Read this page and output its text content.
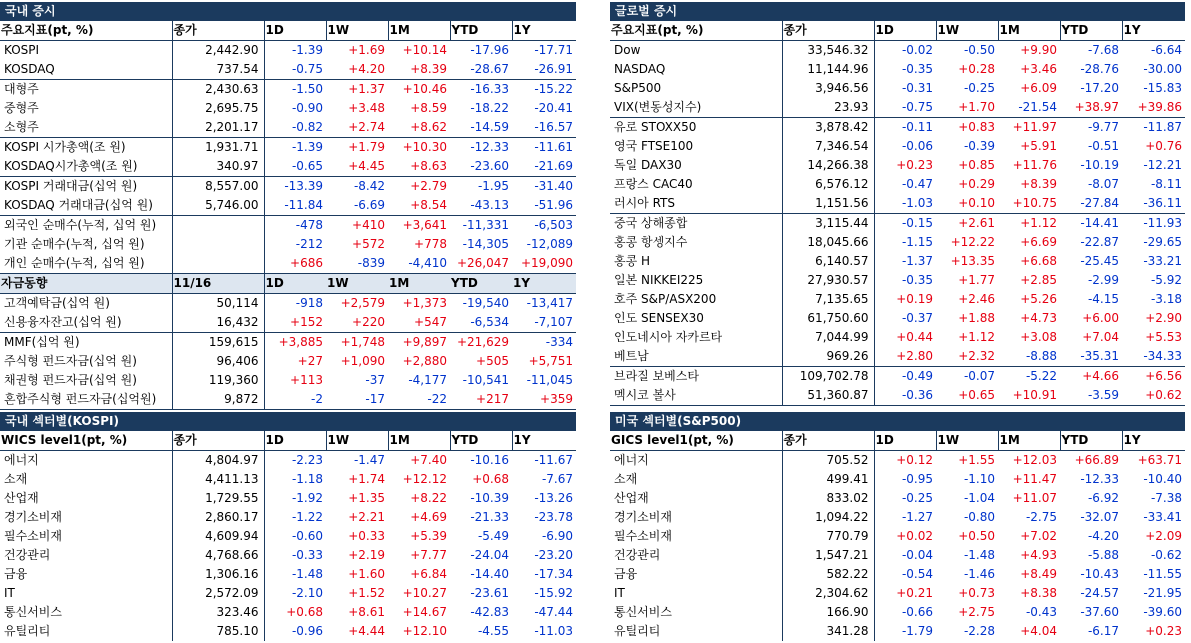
국내 증시
주요지표(pt, %)	종가	1D	1W	1M	YTD	1Y
KOSPI	2,442.90	-1.39	+1.69	+10.14	-17.96	-17.71
KOSDAQ	737.54	-0.75	+4.20	+8.39	-28.67	-26.91
대형주	2,430.63	-1.50	+1.37	+10.46	-16.33	-15.22
중형주	2,695.75	-0.90	+3.48	+8.59	-18.22	-20.41
소형주	2,201.17	-0.82	+2.74	+8.62	-14.59	-16.57
KOSPI 시가총액(조 원)	1,931.71	-1.39	+1.79	+10.30	-12.33	-11.61
KOSDAQ시가총액(조 원)	340.97	-0.65	+4.45	+8.63	-23.60	-21.69
KOSPI 거래대금(십억 원)	8,557.00	-13.39	-8.42	+2.79	-1.95	-31.40
KOSDAQ 거래대금(십억 원)	5,746.00	-11.84	-6.69	+8.54	-43.13	-51.96
외국인 순매수(누적, 십억 원)		-478	+410	+3,641	-11,331	-6,503
기관 순매수(누적, 십억 원)		-212	+572	+778	-14,305	-12,089
개인 순매수(누적, 십억 원)		+686	-839	-4,410	+26,047	+19,090
자금동향	11/16	1D	1W	1M	YTD	1Y
고객예탁금(십억 원)	50,114	-918	+2,579	+1,373	-19,540	-13,417
신용융자잔고(십억 원)	16,432	+152	+220	+547	-6,534	-7,107
MMF(십억 원)	159,615	+3,885	+1,748	+9,897	+21,629	-334
주식형 펀드자금(십억 원)	96,406	+27	+1,090	+2,880	+505	+5,751
채권형 펀드자금(십억 원)	119,360	+113	-37	-4,177	-10,541	-11,045
혼합주식형 펀드자금(십억원)	9,872	-2	-17	-22	+217	+359
글로벌 증시
주요지표(pt, %)	종가	1D	1W	1M	YTD	1Y
Dow	33,546.32	-0.02	-0.50	+9.90	-7.68	-6.64
NASDAQ	11,144.96	-0.35	+0.28	+3.46	-28.76	-30.00
S&P500	3,946.56	-0.31	-0.25	+6.09	-17.20	-15.83
VIX(변동성지수)	23.93	-0.75	+1.70	-21.54	+38.97	+39.86
유로 STOXX50	3,878.42	-0.11	+0.83	+11.97	-9.77	-11.87
영국 FTSE100	7,346.54	-0.06	-0.39	+5.91	-0.51	+0.76
독일 DAX30	14,266.38	+0.23	+0.85	+11.76	-10.19	-12.21
프랑스 CAC40	6,576.12	-0.47	+0.29	+8.39	-8.07	-8.11
러시아 RTS	1,151.56	-1.03	+0.10	+10.75	-27.84	-36.11
중국 상해종합	3,115.44	-0.15	+2.61	+1.12	-14.41	-11.93
홍콩 항셍지수	18,045.66	-1.15	+12.22	+6.69	-22.87	-29.65
홍콩 H	6,140.57	-1.37	+13.35	+6.68	-25.45	-33.21
일본 NIKKEI225	27,930.57	-0.35	+1.77	+2.85	-2.99	-5.92
호주 S&P/ASX200	7,135.65	+0.19	+2.46	+5.26	-4.15	-3.18
인도 SENSEX30	61,750.60	-0.37	+1.88	+4.73	+6.00	+2.90
인도네시아 자카르타	7,044.99	+0.44	+1.12	+3.08	+7.04	+5.53
베트남	969.26	+2.80	+2.32	-8.88	-35.31	-34.33
브라질 보베스타	109,702.78	-0.49	-0.07	-5.22	+4.66	+6.56
멕시코 볼사	51,360.87	-0.36	+0.65	+10.91	-3.59	+0.62
국내 섹터별(KOSPI)
WICS level1(pt, %)	종가	1D	1W	1M	YTD	1Y
에너지	4,804.97	-2.23	-1.47	+7.40	-10.16	-11.67
소재	4,411.13	-1.18	+1.74	+12.12	+0.68	-7.67
산업재	1,729.55	-1.92	+1.35	+8.22	-10.39	-13.26
경기소비재	2,860.17	-1.22	+2.21	+4.69	-21.33	-23.78
필수소비재	4,609.94	-0.60	+0.33	+5.39	-5.49	-6.90
건강관리	4,768.66	-0.33	+2.19	+7.77	-24.04	-23.20
금융	1,306.16	-1.48	+1.60	+6.84	-14.40	-17.34
IT	2,572.09	-2.10	+1.52	+10.27	-23.61	-15.92
통신서비스	323.46	+0.68	+8.61	+14.67	-42.83	-47.44
유틸리티	785.10	-0.96	+4.44	+12.10	-4.55	-11.03
미국 섹터별(S&P500)
GICS level1(pt, %)	종가	1D	1W	1M	YTD	1Y
에너지	705.52	+0.12	+1.55	+12.03	+66.89	+63.71
소재	499.41	-0.95	-1.10	+11.47	-12.33	-10.40
산업재	833.02	-0.25	-1.04	+11.07	-6.92	-7.38
경기소비재	1,094.22	-1.27	-0.80	-2.75	-32.07	-33.41
필수소비재	770.79	+0.02	+0.50	+7.02	-4.20	+2.09
건강관리	1,547.21	-0.04	-1.48	+4.93	-5.88	-0.62
금융	582.22	-0.54	-1.46	+8.49	-10.43	-11.55
IT	2,304.62	+0.21	+0.73	+8.38	-24.57	-21.95
통신서비스	166.90	-0.66	+2.75	-0.43	-37.60	-39.60
유틸리티	341.28	-1.79	-2.28	+4.04	-6.17	+0.23
